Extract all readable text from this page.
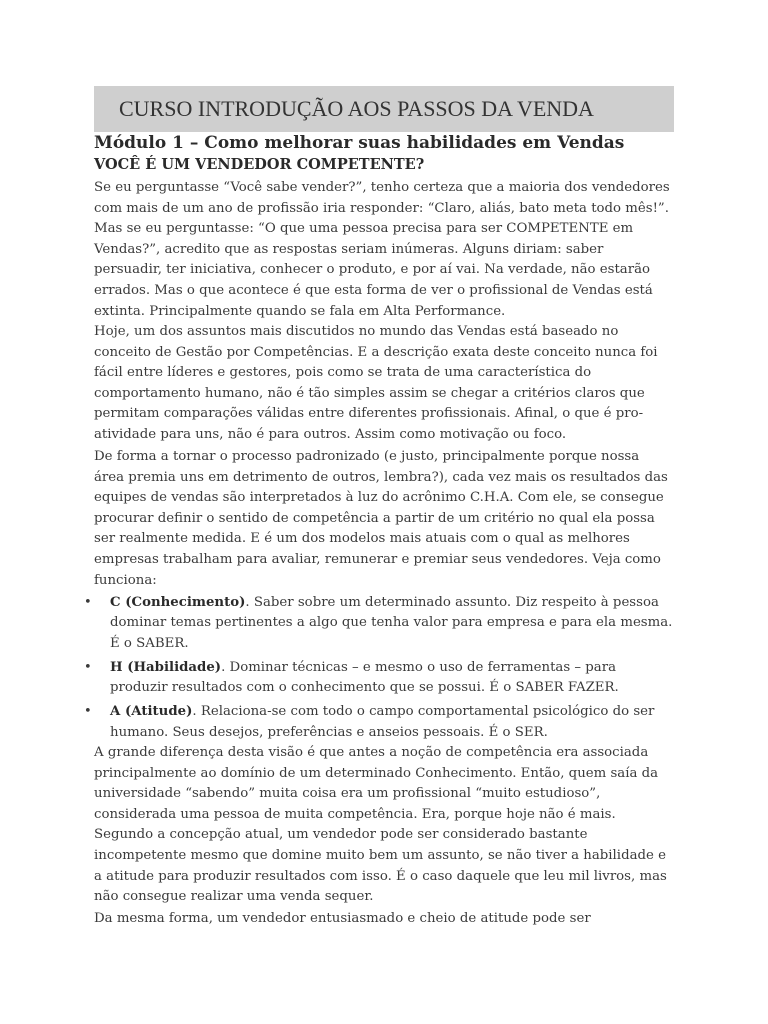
CURSO INTRODUÇÃO AOS PASSOS DA VENDA
Módulo 1 – Como melhorar suas habilidades em Vendas
VOCÊ É UM VENDEDOR COMPETENTE?
Se eu perguntasse “Você sabe vender?”, tenho certeza que a maioria dos vendedores
com mais de um ano de profissão iria responder: “Claro, aliás, bato meta todo mês!”.
Mas se eu perguntasse: “O que uma pessoa precisa para ser COMPETENTE em
Vendas?”, acredito que as respostas seriam inúmeras. Alguns diriam: saber
persuadir, ter iniciativa, conhecer o produto, e por aí vai. Na verdade, não estarão
errados. Mas o que acontece é que esta forma de ver o profissional de Vendas está
extinta. Principalmente quando se fala em Alta Performance.
Hoje, um dos assuntos mais discutidos no mundo das Vendas está baseado no
conceito de Gestão por Competências. E a descrição exata deste conceito nunca foi
fácil entre líderes e gestores, pois como se trata de uma característica do
comportamento humano, não é tão simples assim se chegar a critérios claros que
permitam comparações válidas entre diferentes profissionais. Afinal, o que é pro-
atividade para uns, não é para outros. Assim como motivação ou foco.
De forma a tornar o processo padronizado (e justo, principalmente porque nossa
área premia uns em detrimento de outros, lembra?), cada vez mais os resultados das
equipes de vendas são interpretados à luz do acrônimo C.H.A. Com ele, se consegue
procurar definir o sentido de competência a partir de um critério no qual ela possa
ser realmente medida. E é um dos modelos mais atuais com o qual as melhores
empresas trabalham para avaliar, remunerar e premiar seus vendedores. Veja como
funciona:
• C (Conhecimento). Saber sobre um determinado assunto. Diz respeito à pessoa
dominar temas pertinentes a algo que tenha valor para empresa e para ela mesma.
É o SABER.
• H (Habilidade). Dominar técnicas – e mesmo o uso de ferramentas – para
produzir resultados com o conhecimento que se possui. É o SABER FAZER.
• A (Atitude). Relaciona-se com todo o campo comportamental psicológico do ser
humano. Seus desejos, preferências e anseios pessoais. É o SER.
A grande diferença desta visão é que antes a noção de competência era associada
principalmente ao domínio de um determinado Conhecimento. Então, quem saía da
universidade “sabendo” muita coisa era um profissional “muito estudioso”,
considerada uma pessoa de muita competência. Era, porque hoje não é mais.
Segundo a concepção atual, um vendedor pode ser considerado bastante
incompetente mesmo que domine muito bem um assunto, se não tiver a habilidade e
a atitude para produzir resultados com isso. É o caso daquele que leu mil livros, mas
não consegue realizar uma venda sequer.
Da mesma forma, um vendedor entusiasmado e cheio de atitude pode ser
